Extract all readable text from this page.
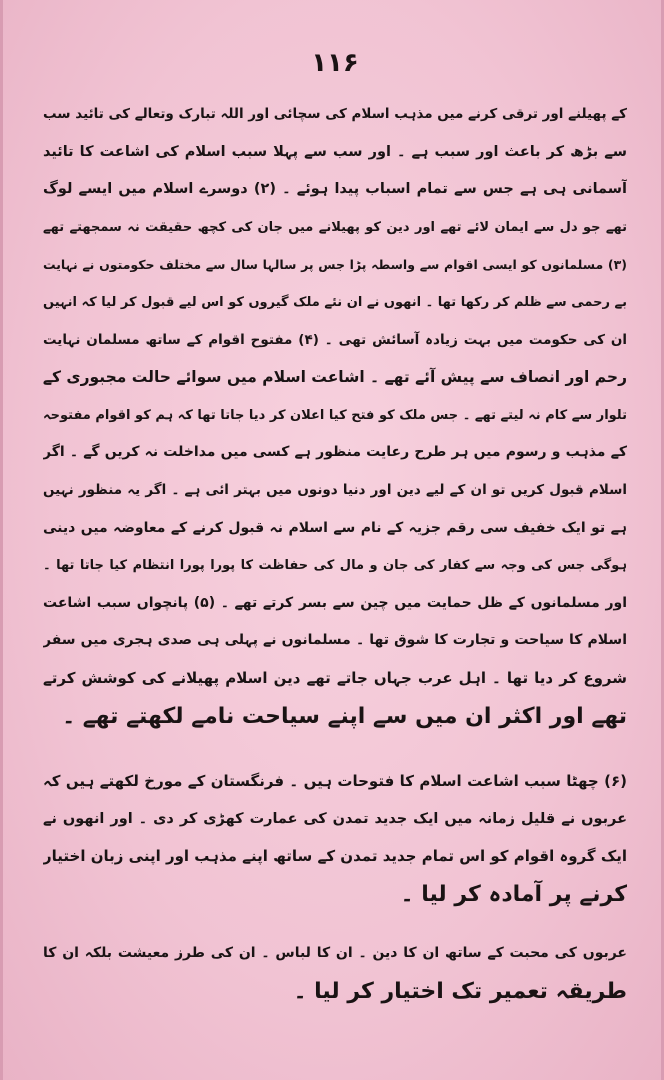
۱۱۶
کے پھیلنے اور ترقی کرنے میں مذہب اسلام کی سچائی اور اللہ تبارک وتعالے کی تائید سب
سے بڑھ کر باعث اور سبب ہے ۔ اور سب سے پہلا سبب اسلام کی اشاعت کا تائید
آسمانی ہی ہے جس سے تمام اسباب پیدا ہوئے ۔ (۲) دوسرے اسلام میں ایسے لوگ
تھے جو دل سے ایمان لائے تھے اور دین کو پھیلانے میں جان کی کچھ حقیقت نہ سمجھتے تھے
(۳) مسلمانوں کو ایسی اقوام سے واسطہ پڑا جس پر سالہا سال سے مختلف حکومتوں نے نہایت
بے رحمی سے ظلم کر رکھا تھا ۔ انھوں نے ان نئے ملک گیروں کو اس لیے قبول کر لیا کہ انہیں
ان کی حکومت میں بہت زیادہ آسائش تھی ۔ (۴) مفتوح اقوام کے ساتھ مسلمان نہایت
رحم اور انصاف سے پیش آئے تھے ۔ اشاعت اسلام میں سوائے حالت مجبوری کے
تلوار سے کام نہ لیتے تھے ۔ جس ملک کو فتح کیا اعلان کر دیا جاتا تھا کہ ہم کو اقوام مفتوحہ
کے مذہب و رسوم میں ہر طرح رعایت منظور ہے کسی میں مداخلت نہ کریں گے ۔ اگر
اسلام قبول کریں تو ان کے لیے دین اور دنیا دونوں میں بہتر ائی ہے ۔ اگر یہ منظور نہیں
ہے تو ایک خفیف سی رقم جزیہ کے نام سے اسلام نہ قبول کرنے کے معاوضہ میں دینی
ہوگی جس کی وجہ سے کفار کی جان و مال کی حفاظت کا پورا پورا انتظام کیا جاتا تھا ۔
اور مسلمانوں کے ظل حمایت میں چین سے بسر کرتے تھے ۔ (۵) پانچواں سبب اشاعت
اسلام کا سیاحت و تجارت کا شوق تھا ۔ مسلمانوں نے پہلی ہی صدی ہجری میں سفر
شروع کر دیا تھا ۔ اہل عرب جہاں جاتے تھے دین اسلام پھیلانے کی کوشش کرتے
تھے اور اکثر ان میں سے اپنے سیاحت نامے لکھتے تھے ۔
(۶) چھٹا سبب اشاعت اسلام کا فتوحات ہیں ۔ فرنگستان کے مورخ لکھتے ہیں کہ
عربوں نے قلیل زمانہ میں ایک جدید تمدن کی عمارت کھڑی کر دی ۔ اور انھوں نے
ایک گروہ اقوام کو اس تمام جدید تمدن کے ساتھ اپنے مذہب اور اپنی زبان اختیار
کرنے پر آمادہ کر لیا ۔
عربوں کی محبت کے ساتھ ان کا دین ۔ ان کا لباس ۔ ان کی طرز معیشت بلکہ ان کا
طریقہ تعمیر تک اختیار کر لیا ۔
